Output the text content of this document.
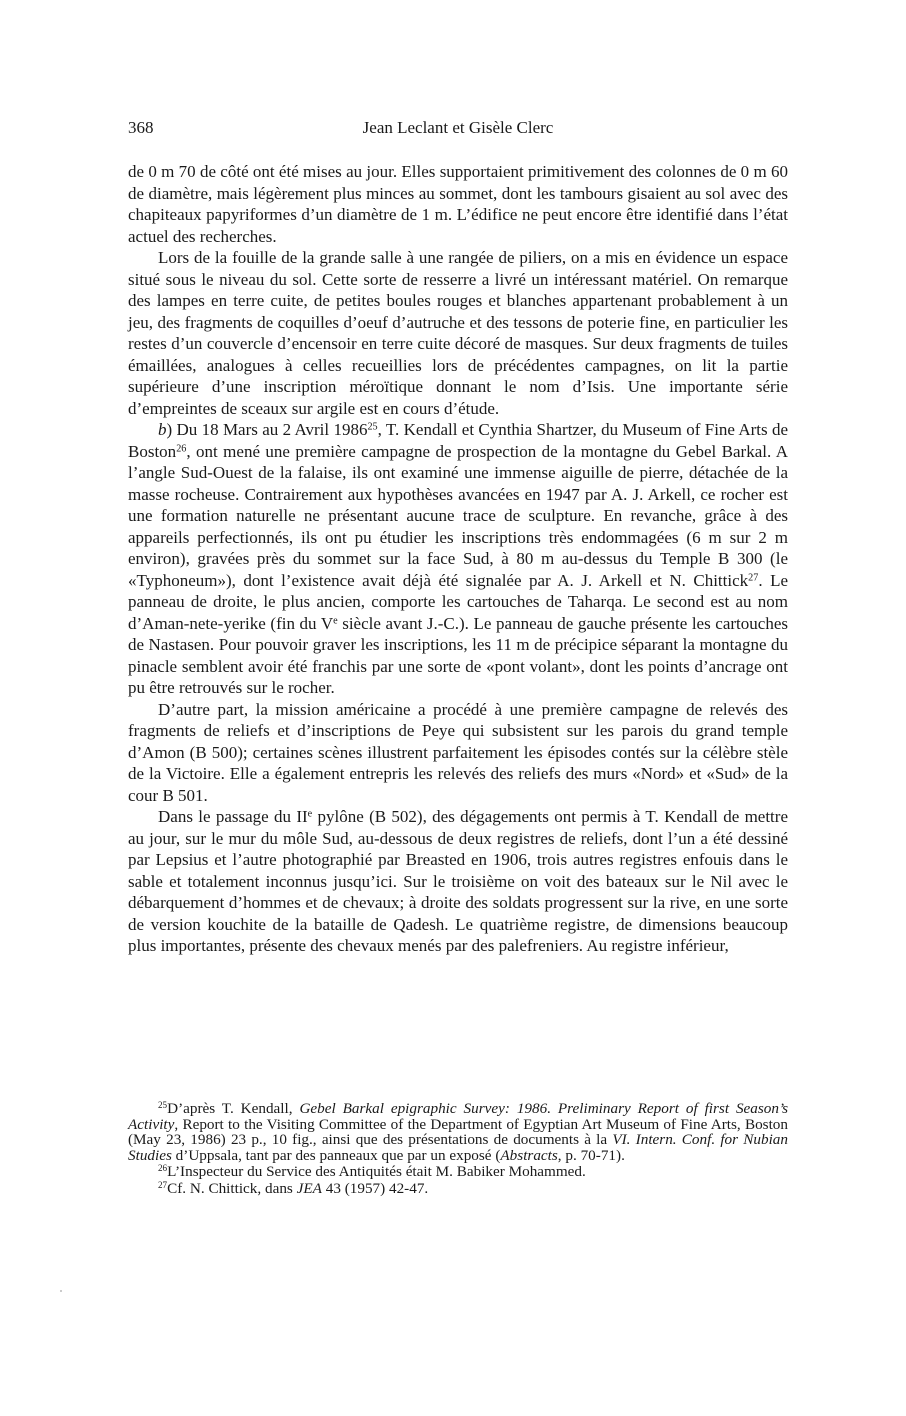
368	Jean Leclant et Gisèle Clerc

de 0 m 70 de côté ont été mises au jour. Elles supportaient primitivement des colonnes de 0 m 60 de diamètre, mais légèrement plus minces au sommet, dont les tambours gisaient au sol avec des chapiteaux papyriformes d’un diamètre de 1 m. L’édifice ne peut encore être identifié dans l’état actuel des recherches.

Lors de la fouille de la grande salle à une rangée de piliers, on a mis en évidence un espace situé sous le niveau du sol. Cette sorte de resserre a livré un intéressant matériel. On remarque des lampes en terre cuite, de petites boules rouges et blanches appartenant probablement à un jeu, des fragments de coquilles d’oeuf d’autruche et des tessons de poterie fine, en particulier les restes d’un couvercle d’encensoir en terre cuite décoré de masques. Sur deux fragments de tuiles émaillées, analogues à celles recueillies lors de précédentes campagnes, on lit la partie supérieure d’une inscription méroïtique donnant le nom d’Isis. Une importante série d’empreintes de sceaux sur argile est en cours d’étude.

b) Du 18 Mars au 2 Avril 1986$^{25}$, T. Kendall et Cynthia Shartzer, du Museum of Fine Arts de Boston$^{26}$, ont mené une première campagne de prospection de la montagne du Gebel Barkal. A l’angle Sud-Ouest de la falaise, ils ont examiné une immense aiguille de pierre, détachée de la masse rocheuse. Contrairement aux hypothèses avancées en 1947 par A. J. Arkell, ce rocher est une formation naturelle ne présentant aucune trace de sculpture. En revanche, grâce à des appareils perfectionnés, ils ont pu étudier les inscriptions très endommagées (6 m sur 2 m environ), gravées près du sommet sur la face Sud, à 80 m au-dessus du Temple B 300 (le «Typhoneum»), dont l’existence avait déjà été signalée par A. J. Arkell et N. Chittick$^{27}$. Le panneau de droite, le plus ancien, comporte les cartouches de Taharqa. Le second est au nom d’Aman-nete-yerike (fin du Ve siècle avant J.-C.). Le panneau de gauche présente les cartouches de Nastasen. Pour pouvoir graver les inscriptions, les 11 m de précipice séparant la montagne du pinacle semblent avoir été franchis par une sorte de «pont volant», dont les points d’ancrage ont pu être retrouvés sur le rocher.

D’autre part, la mission américaine a procédé à une première campagne de relevés des fragments de reliefs et d’inscriptions de Peye qui subsistent sur les parois du grand temple d’Amon (B 500); certaines scènes illustrent parfaitement les épisodes contés sur la célèbre stèle de la Victoire. Elle a également entrepris les relevés des reliefs des murs «Nord» et «Sud» de la cour B 501.

Dans le passage du IIe pylône (B 502), des dégagements ont permis à T. Kendall de mettre au jour, sur le mur du môle Sud, au-dessous de deux registres de reliefs, dont l’un a été dessiné par Lepsius et l’autre photographié par Breasted en 1906, trois autres registres enfouis dans le sable et totalement inconnus jusqu’ici. Sur le troisième on voit des bateaux sur le Nil avec le débarquement d’hommes et de chevaux; à droite des soldats progressent sur la rive, en une sorte de version kouchite de la bataille de Qadesh. Le quatrième registre, de dimensions beaucoup plus importantes, présente des chevaux menés par des palefreniers. Au registre inférieur,

$^{25}$D’après T. Kendall, Gebel Barkal epigraphic Survey: 1986. Preliminary Report of first Season’s Activity, Report to the Visiting Committee of the Department of Egyptian Art Museum of Fine Arts, Boston (May 23, 1986) 23 p., 10 fig., ainsi que des présentations de documents à la VI. Intern. Conf. for Nubian Studies d’Uppsala, tant par des panneaux que par un exposé (Abstracts, p. 70-71).

$^{26}$L’Inspecteur du Service des Antiquités était M. Babiker Mohammed.

$^{27}$Cf. N. Chittick, dans JEA 43 (1957) 42-47.
